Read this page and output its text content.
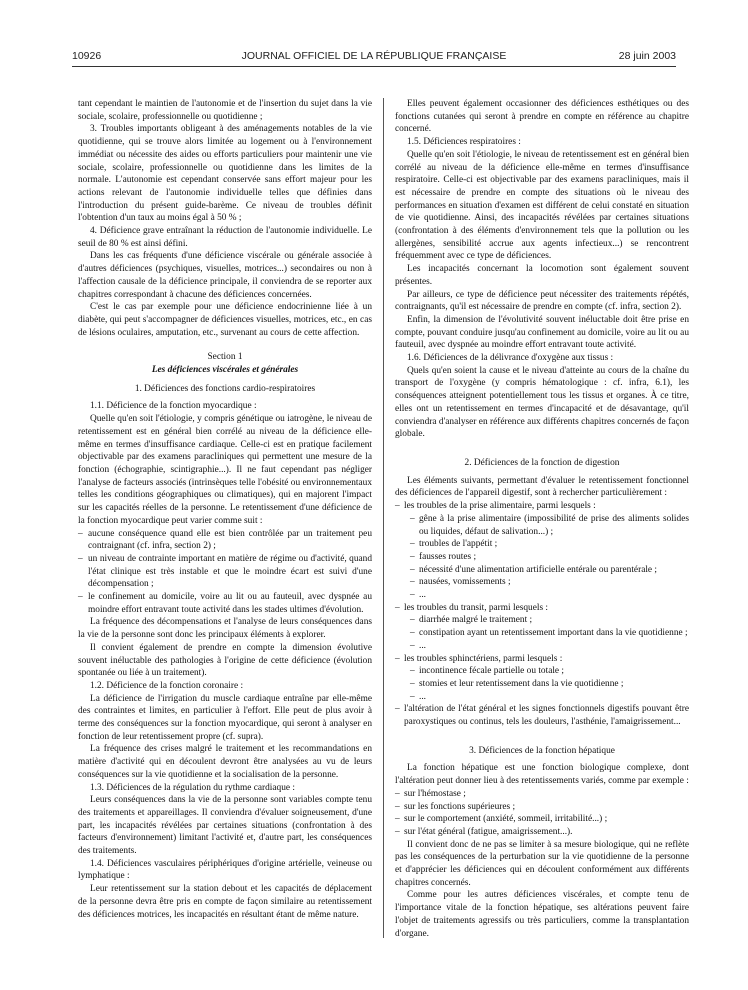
10926	JOURNAL OFFICIEL DE LA RÉPUBLIQUE FRANÇAISE	28 juin 2003

tant cependant le maintien de l'autonomie et de l'insertion du sujet dans la vie sociale, scolaire, professionnelle ou quotidienne ;

3. Troubles importants obligeant à des aménagements notables de la vie quotidienne, qui se trouve alors limitée au logement ou à l'environnement immédiat ou nécessite des aides ou efforts particuliers pour maintenir une vie sociale, scolaire, professionnelle ou quotidienne dans les limites de la normale. L'autonomie est cependant conservée sans effort majeur pour les actions relevant de l'autonomie individuelle telles que définies dans l'introduction du présent guide-barème. Ce niveau de troubles définit l'obtention d'un taux au moins égal à 50 % ;

4. Déficience grave entraînant la réduction de l'autonomie individuelle. Le seuil de 80 % est ainsi défini.

Dans les cas fréquents d'une déficience viscérale ou générale associée à d'autres déficiences (psychiques, visuelles, motrices...) secondaires ou non à l'affection causale de la déficience principale, il conviendra de se reporter aux chapitres correspondant à chacune des déficiences concernées.

C'est le cas par exemple pour une déficience endocrinienne liée à un diabète, qui peut s'accompagner de déficiences visuelles, motrices, etc., en cas de lésions oculaires, amputation, etc., survenant au cours de cette affection.

Section 1

Les déficiences viscérales et générales

1. Déficiences des fonctions cardio-respiratoires

1.1. Déficience de la fonction myocardique :

Quelle qu'en soit l'étiologie, y compris génétique ou iatrogène, le niveau de retentissement est en général bien corrélé au niveau de la déficience elle-même en termes d'insuffisance cardiaque. Celle-ci est en pratique facilement objectivable par des examens paracliniques qui permettent une mesure de la fonction (échographie, scintigraphie...). Il ne faut cependant pas négliger l'analyse de facteurs associés (intrinsèques telle l'obésité ou environnementaux telles les conditions géographiques ou climatiques), qui en majorent l'impact sur les capacités réelles de la personne. Le retentissement d'une déficience de la fonction myocardique peut varier comme suit :

– aucune conséquence quand elle est bien contrôlée par un traitement peu contraignant (cf. infra, section 2) ;
– un niveau de contrainte important en matière de régime ou d'activité, quand l'état clinique est très instable et que le moindre écart est suivi d'une décompensation ;
– le confinement au domicile, voire au lit ou au fauteuil, avec dyspnée au moindre effort entravant toute activité dans les stades ultimes d'évolution.

La fréquence des décompensations et l'analyse de leurs conséquences dans la vie de la personne sont donc les principaux éléments à explorer.

Il convient également de prendre en compte la dimension évolutive souvent inéluctable des pathologies à l'origine de cette déficience (évolution spontanée ou liée à un traitement).

1.2. Déficience de la fonction coronaire :

La déficience de l'irrigation du muscle cardiaque entraîne par elle-même des contraintes et limites, en particulier à l'effort. Elle peut de plus avoir à terme des conséquences sur la fonction myocardique, qui seront à analyser en fonction de leur retentissement propre (cf. supra).

La fréquence des crises malgré le traitement et les recommandations en matière d'activité qui en découlent devront être analysées au vu de leurs conséquences sur la vie quotidienne et la socialisation de la personne.

1.3. Déficiences de la régulation du rythme cardiaque :

Leurs conséquences dans la vie de la personne sont variables compte tenu des traitements et appareillages. Il conviendra d'évaluer soigneusement, d'une part, les incapacités révélées par certaines situations (confrontation à des facteurs d'environnement) limitant l'activité et, d'autre part, les conséquences des traitements.

1.4. Déficiences vasculaires périphériques d'origine artérielle, veineuse ou lymphatique :

Leur retentissement sur la station debout et les capacités de déplacement de la personne devra être pris en compte de façon similaire au retentissement des déficiences motrices, les incapacités en résultant étant de même nature.

Elles peuvent également occasionner des déficiences esthétiques ou des fonctions cutanées qui seront à prendre en compte en référence au chapitre concerné.

1.5. Déficiences respiratoires :

Quelle qu'en soit l'étiologie, le niveau de retentissement est en général bien corrélé au niveau de la déficience elle-même en termes d'insuffisance respiratoire. Celle-ci est objectivable par des examens paracliniques, mais il est nécessaire de prendre en compte des situations où le niveau des performances en situation d'examen est différent de celui constaté en situation de vie quotidienne. Ainsi, des incapacités révélées par certaines situations (confrontation à des éléments d'environnement tels que la pollution ou les allergènes, sensibilité accrue aux agents infectieux...) se rencontrent fréquemment avec ce type de déficiences.

Les incapacités concernant la locomotion sont également souvent présentes.

Par ailleurs, ce type de déficience peut nécessiter des traitements répétés, contraignants, qu'il est nécessaire de prendre en compte (cf. infra, section 2).

Enfin, la dimension de l'évolutivité souvent inéluctable doit être prise en compte, pouvant conduire jusqu'au confinement au domicile, voire au lit ou au fauteuil, avec dyspnée au moindre effort entravant toute activité.

1.6. Déficiences de la délivrance d'oxygène aux tissus :

Quels qu'en soient la cause et le niveau d'atteinte au cours de la chaîne du transport de l'oxygène (y compris hématologique : cf. infra, 6.1), les conséquences atteignent potentiellement tous les tissus et organes. À ce titre, elles ont un retentissement en termes d'incapacité et de désavantage, qu'il conviendra d'analyser en référence aux différents chapitres concernés de façon globale.

2. Déficiences de la fonction de digestion

Les éléments suivants, permettant d'évaluer le retentissement fonctionnel des déficiences de l'appareil digestif, sont à rechercher particulièrement :

– les troubles de la prise alimentaire, parmi lesquels :
– gêne à la prise alimentaire (impossibilité de prise des aliments solides ou liquides, défaut de salivation...) ;
– troubles de l'appétit ;
– fausses routes ;
– nécessité d'une alimentation artificielle entérale ou parentérale ;
– nausées, vomissements ;
– ...
– les troubles du transit, parmi lesquels :
– diarrhée malgré le traitement ;
– constipation ayant un retentissement important dans la vie quotidienne ;
– ...
– les troubles sphinctériens, parmi lesquels :
– incontinence fécale partielle ou totale ;
– stomies et leur retentissement dans la vie quotidienne ;
– ...
– l'altération de l'état général et les signes fonctionnels digestifs pouvant être paroxystiques ou continus, tels les douleurs, l'asthénie, l'amaigrissement...

3. Déficiences de la fonction hépatique

La fonction hépatique est une fonction biologique complexe, dont l'altération peut donner lieu à des retentissements variés, comme par exemple :

– sur l'hémostase ;
– sur les fonctions supérieures ;
– sur le comportement (anxiété, sommeil, irritabilité...) ;
– sur l'état général (fatigue, amaigrissement...).

Il convient donc de ne pas se limiter à sa mesure biologique, qui ne reflète pas les conséquences de la perturbation sur la vie quotidienne de la personne et d'apprécier les déficiences qui en découlent conformément aux différents chapitres concernés.

Comme pour les autres déficiences viscérales, et compte tenu de l'importance vitale de la fonction hépatique, ses altérations peuvent faire l'objet de traitements agressifs ou très particuliers, comme la transplantation d'organe.
